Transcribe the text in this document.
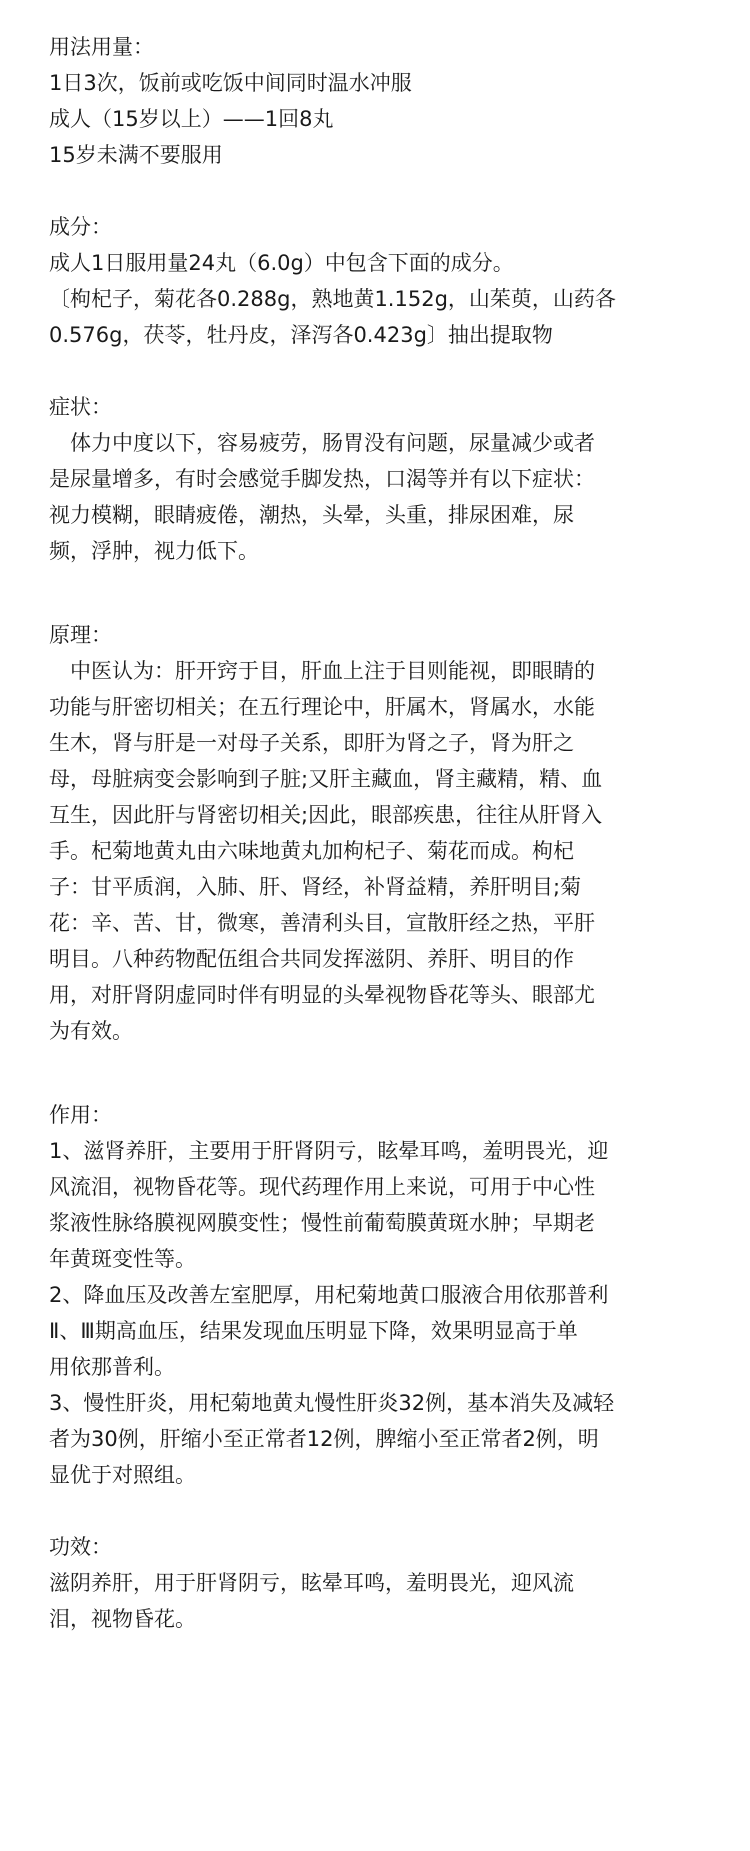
用法用量：
1日3次，饭前或吃饭中间同时温水冲服
成人（15岁以上）——1回8丸
15岁未满不要服用
成分：
成人1日服用量24丸（6.0g）中包含下面的成分。
〔枸杞子，菊花各0.288g，熟地黄1.152g，山茱萸，山药各
0.576g，茯苓，牡丹皮，泽泻各0.423g〕抽出提取物
症状：
　体力中度以下，容易疲劳，肠胃没有问题，尿量减少或者
是尿量增多，有时会感觉手脚发热，口渴等并有以下症状：
视力模糊，眼睛疲倦，潮热，头晕，头重，排尿困难，尿
频，浮肿，视力低下。
原理：
　中医认为：肝开窍于目，肝血上注于目则能视，即眼睛的
功能与肝密切相关；在五行理论中，肝属木，肾属水，水能
生木，肾与肝是一对母子关系，即肝为肾之子，肾为肝之
母，母脏病变会影响到子脏;又肝主藏血，肾主藏精，精、血
互生，因此肝与肾密切相关;因此，眼部疾患，往往从肝肾入
手。杞菊地黄丸由六味地黄丸加枸杞子、菊花而成。枸杞
子：甘平质润，入肺、肝、肾经，补肾益精，养肝明目;菊
花：辛、苦、甘，微寒，善清利头目，宣散肝经之热，平肝
明目。八种药物配伍组合共同发挥滋阴、养肝、明目的作
用，对肝肾阴虚同时伴有明显的头晕视物昏花等头、眼部尤
为有效。
作用：
1、滋肾养肝，主要用于肝肾阴亏，眩晕耳鸣，羞明畏光，迎
风流泪，视物昏花等。现代药理作用上来说，可用于中心性
浆液性脉络膜视网膜变性；慢性前葡萄膜黄斑水肿；早期老
年黄斑变性等。
2、降血压及改善左室肥厚，用杞菊地黄口服液合用依那普利
Ⅱ、Ⅲ期高血压，结果发现血压明显下降，效果明显高于单
用依那普利。
3、慢性肝炎，用杞菊地黄丸慢性肝炎32例，基本消失及减轻
者为30例，肝缩小至正常者12例，脾缩小至正常者2例，明
显优于对照组。
功效：
滋阴养肝，用于肝肾阴亏，眩晕耳鸣，羞明畏光，迎风流
泪，视物昏花。
